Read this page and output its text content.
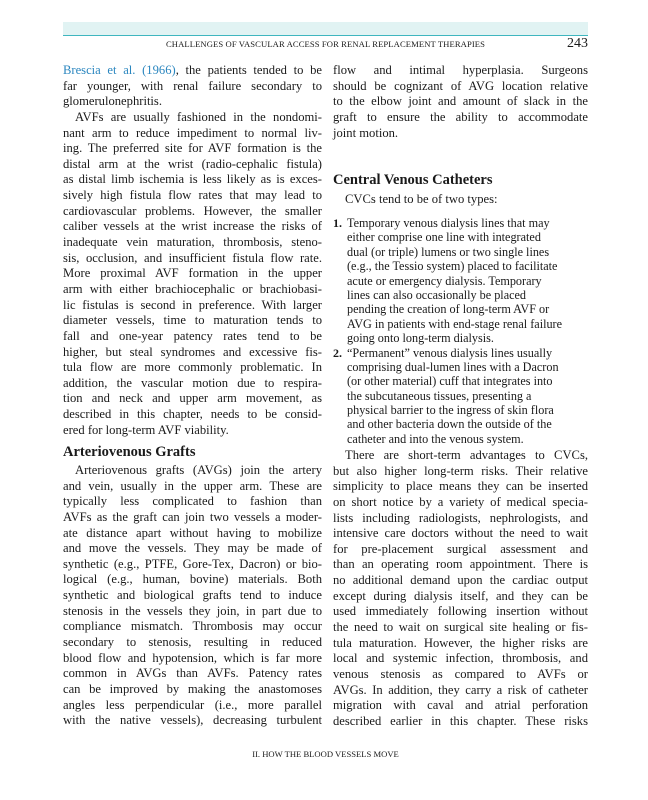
CHALLENGES OF VASCULAR ACCESS FOR RENAL REPLACEMENT THERAPIES	243
Brescia et al. (1966), the patients tended to be
far younger, with renal failure secondary to
glomerulonephritis.
AVFs are usually fashioned in the nondomi-
nant arm to reduce impediment to normal liv-
ing. The preferred site for AVF formation is the
distal arm at the wrist (radio-cephalic fistula)
as distal limb ischemia is less likely as is exces-
sively high fistula flow rates that may lead to
cardiovascular problems. However, the smaller
caliber vessels at the wrist increase the risks of
inadequate vein maturation, thrombosis, steno-
sis, occlusion, and insufficient fistula flow rate.
More proximal AVF formation in the upper
arm with either brachiocephalic or brachiobasi-
lic fistulas is second in preference. With larger
diameter vessels, time to maturation tends to
fall and one-year patency rates tend to be
higher, but steal syndromes and excessive fis-
tula flow are more commonly problematic. In
addition, the vascular motion due to respira-
tion and neck and upper arm movement, as
described in this chapter, needs to be consid-
ered for long-term AVF viability.
Arteriovenous Grafts
Arteriovenous grafts (AVGs) join the artery
and vein, usually in the upper arm. These are
typically less complicated to fashion than
AVFs as the graft can join two vessels a moder-
ate distance apart without having to mobilize
and move the vessels. They may be made of
synthetic (e.g., PTFE, Gore-Tex, Dacron) or bio-
logical (e.g., human, bovine) materials. Both
synthetic and biological grafts tend to induce
stenosis in the vessels they join, in part due to
compliance mismatch. Thrombosis may occur
secondary to stenosis, resulting in reduced
blood flow and hypotension, which is far more
common in AVGs than AVFs. Patency rates
can be improved by making the anastomoses
angles less perpendicular (i.e., more parallel
with the native vessels), decreasing turbulent
flow and intimal hyperplasia. Surgeons
should be cognizant of AVG location relative
to the elbow joint and amount of slack in the
graft to ensure the ability to accommodate
joint motion.
Central Venous Catheters
CVCs tend to be of two types:
1. Temporary venous dialysis lines that may
either comprise one line with integrated
dual (or triple) lumens or two single lines
(e.g., the Tessio system) placed to facilitate
acute or emergency dialysis. Temporary
lines can also occasionally be placed
pending the creation of long-term AVF or
AVG in patients with end-stage renal failure
going onto long-term dialysis.
2. “Permanent” venous dialysis lines usually
comprising dual-lumen lines with a Dacron
(or other material) cuff that integrates into
the subcutaneous tissues, presenting a
physical barrier to the ingress of skin flora
and other bacteria down the outside of the
catheter and into the venous system.
There are short-term advantages to CVCs,
but also higher long-term risks. Their relative
simplicity to place means they can be inserted
on short notice by a variety of medical specia-
lists including radiologists, nephrologists, and
intensive care doctors without the need to wait
for pre-placement surgical assessment and
than an operating room appointment. There is
no additional demand upon the cardiac output
except during dialysis itself, and they can be
used immediately following insertion without
the need to wait on surgical site healing or fis-
tula maturation. However, the higher risks are
local and systemic infection, thrombosis, and
venous stenosis as compared to AVFs or
AVGs. In addition, they carry a risk of catheter
migration with caval and atrial perforation
described earlier in this chapter. These risks
II. HOW THE BLOOD VESSELS MOVE
